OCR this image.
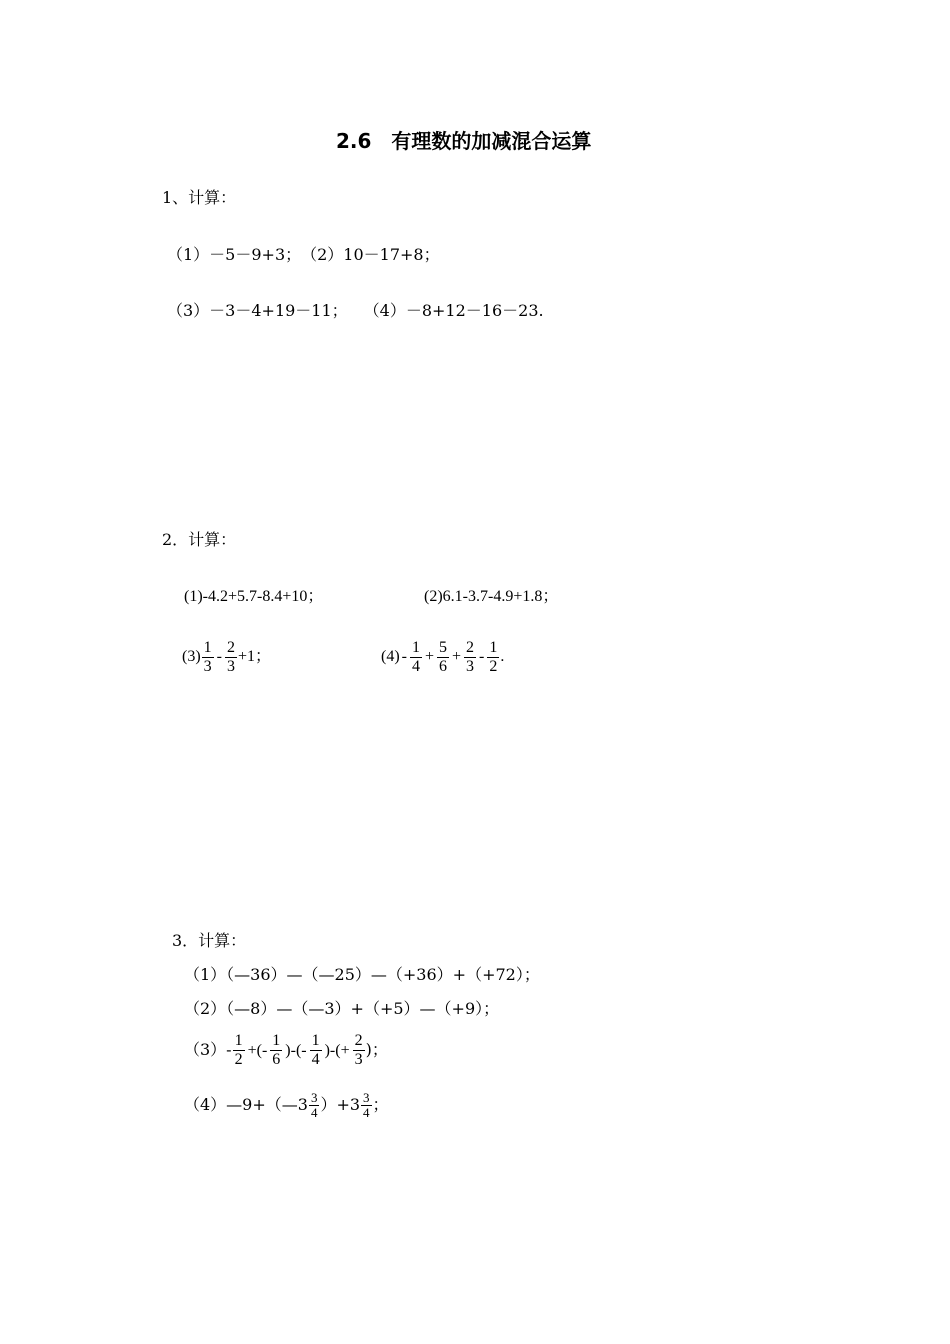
2.6　有理数的加减混合运算
1、计算：
（1）－5－9+3；　（2）10－17+8；
（3）－3－4+19－11；　　（4）－8+12－16－23.
2．计算：
(1)-4.2+5.7-8.4+10；	(2)6.1-3.7-4.9+1.8；
$(3) \frac{1}{3} - \frac{2}{3} +1$；	$(4) - \frac{1}{4} + \frac{5}{6} + \frac{2}{3} - \frac{1}{2}$ .
3．计算：
（1）（—36）—（—25）—（+36）+（+72）；
（2）（—8）—（—3）+（+5）—（+9）；
$(3)- \frac{1}{2}$ +(- $\frac{1}{6}$ )-(- $\frac{1}{4}$ )-(+ $\frac{2}{3}$ )；
（4）—9+（—3 $\frac{3}{4} )+3 \frac{3}{4}$ ；
